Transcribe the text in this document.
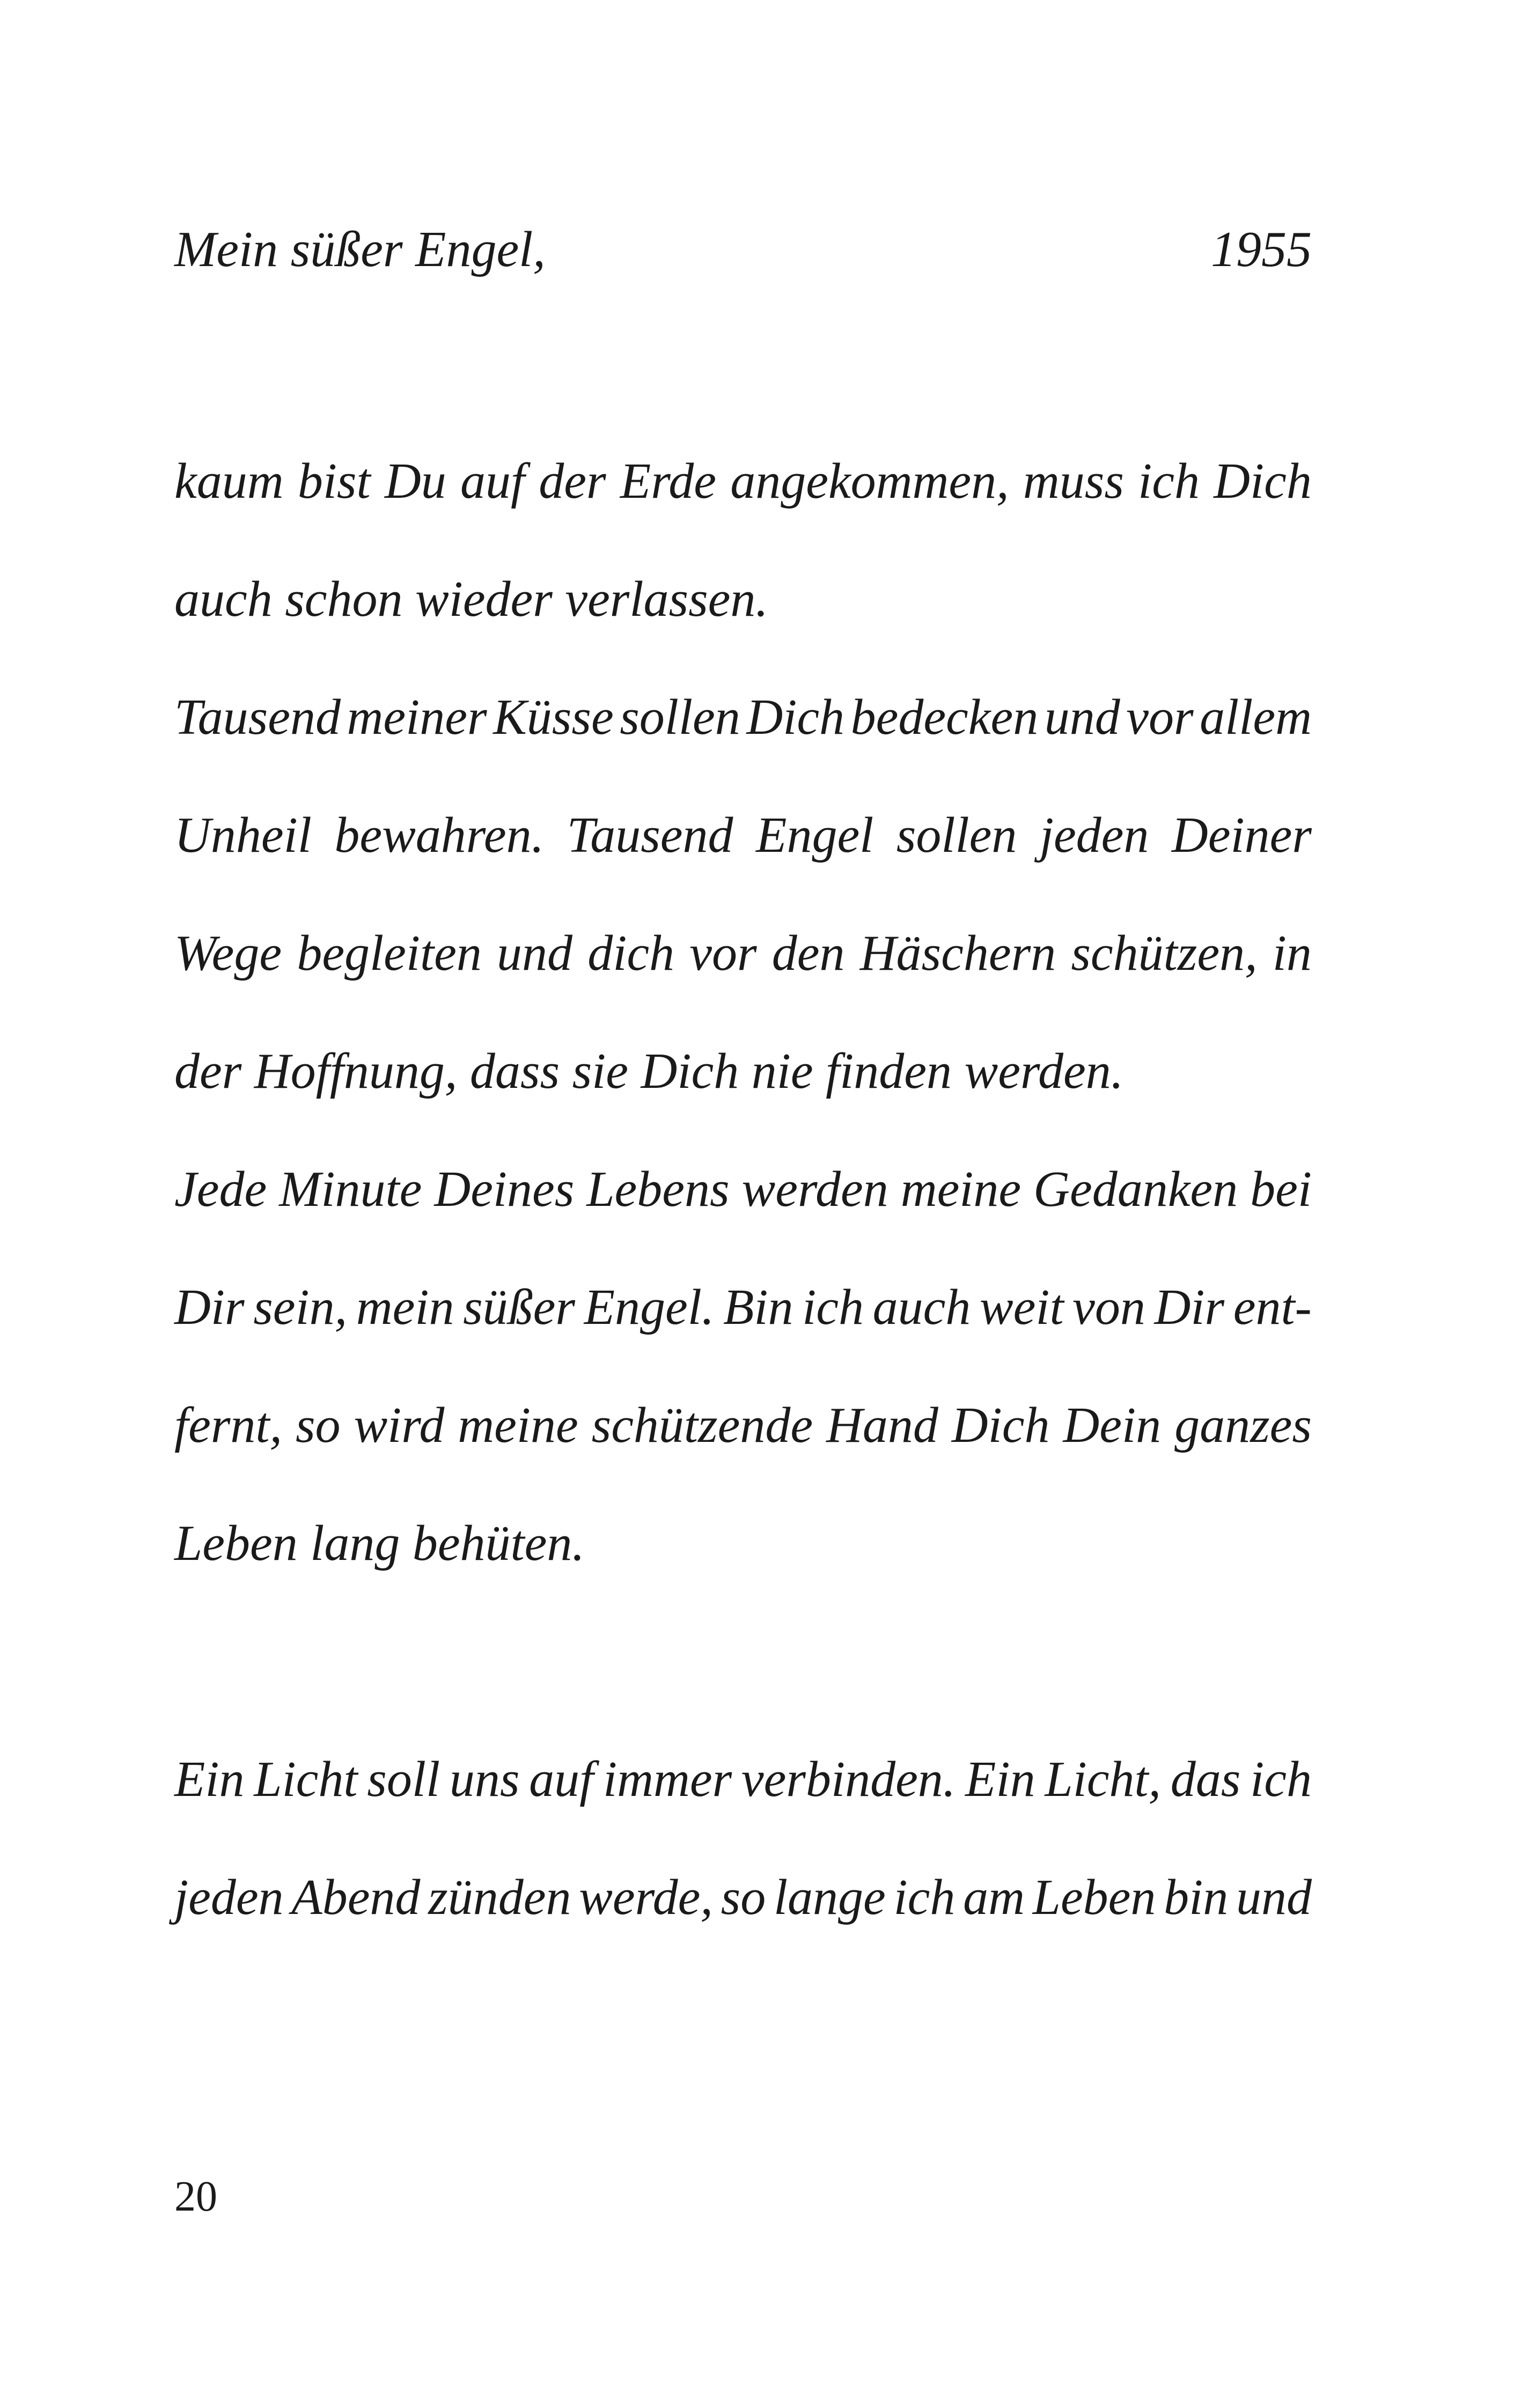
Mein süßer Engel,	1955
kaum bist Du auf der Erde angekommen, muss ich Dich
auch schon wieder verlassen.
Tausend meiner Küsse sollen Dich bedecken und vor allem
Unheil bewahren. Tausend Engel sollen jeden Deiner
Wege begleiten und dich vor den Häschern schützen, in
der Hoffnung, dass sie Dich nie finden werden.
Jede Minute Deines Lebens werden meine Gedanken bei
Dir sein, mein süßer Engel. Bin ich auch weit von Dir ent-
fernt, so wird meine schützende Hand Dich Dein ganzes
Leben lang behüten.
Ein Licht soll uns auf immer verbinden. Ein Licht, das ich
jeden Abend zünden werde, so lange ich am Leben bin und
20
